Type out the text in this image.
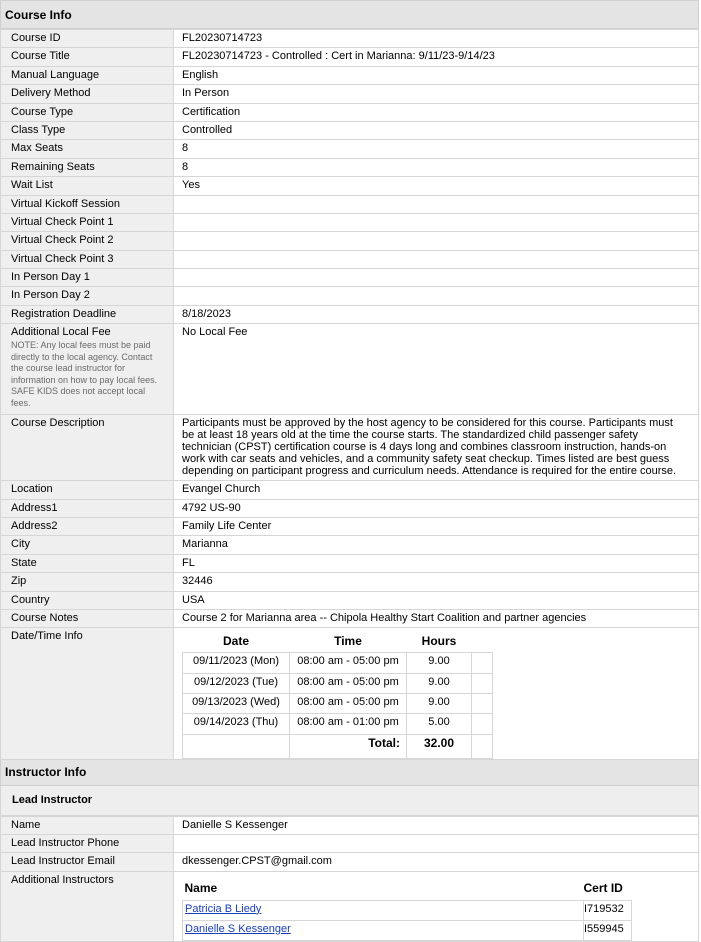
Course Info
Course ID	FL20230714723
Course Title	FL20230714723 - Controlled : Cert in Marianna: 9/11/23-9/14/23
Manual Language	English
Delivery Method	In Person
Course Type	Certification
Class Type	Controlled
Max Seats	8
Remaining Seats	8
Wait List	Yes
Virtual Kickoff Session	
Virtual Check Point 1	
Virtual Check Point 2	
Virtual Check Point 3	
In Person Day 1	
In Person Day 2	
Registration Deadline	8/18/2023
Additional Local Fee
NOTE: Any local fees must be paid directly to the local agency. Contact the course lead instructor for information on how to pay local fees. SAFE KIDS does not accept local fees.
	No Local Fee
Course Description	Participants must be approved by the host agency to be considered for this course. Participants must be at least 18 years old at the time the course starts. The standardized child passenger safety technician (CPST) certification course is 4 days long and combines classroom instruction, hands-on work with car seats and vehicles, and a community safety seat checkup. Times listed are best guess depending on participant progress and curriculum needs. Attendance is required for the entire course.

Location	Evangel Church
Address1	4792 US-90
Address2	Family Life Center
City	Marianna
State	FL
Zip	32446
Country	USA
Course Notes	Course 2 for Marianna area -- Chipola Healthy Start Coalition and partner agencies
Date/Time Info		Date	Time	Hours	
09/11/2023 (Mon)	08:00 am - 05:00 pm	9.00	
09/12/2023 (Tue)	08:00 am - 05:00 pm	9.00	
09/13/2023 (Wed)	08:00 am - 05:00 pm	9.00	
09/14/2023 (Thu)	08:00 am - 01:00 pm	5.00	
	Total:	32.00	
Instructor Info
Lead Instructor
Name	Danielle S Kessenger
Lead Instructor Phone	
Lead Instructor Email	dkessenger.CPST@gmail.com
Additional Instructors	
Name	Cert ID
Patricia B Liedy	I719532
Danielle S Kessenger	I559945
